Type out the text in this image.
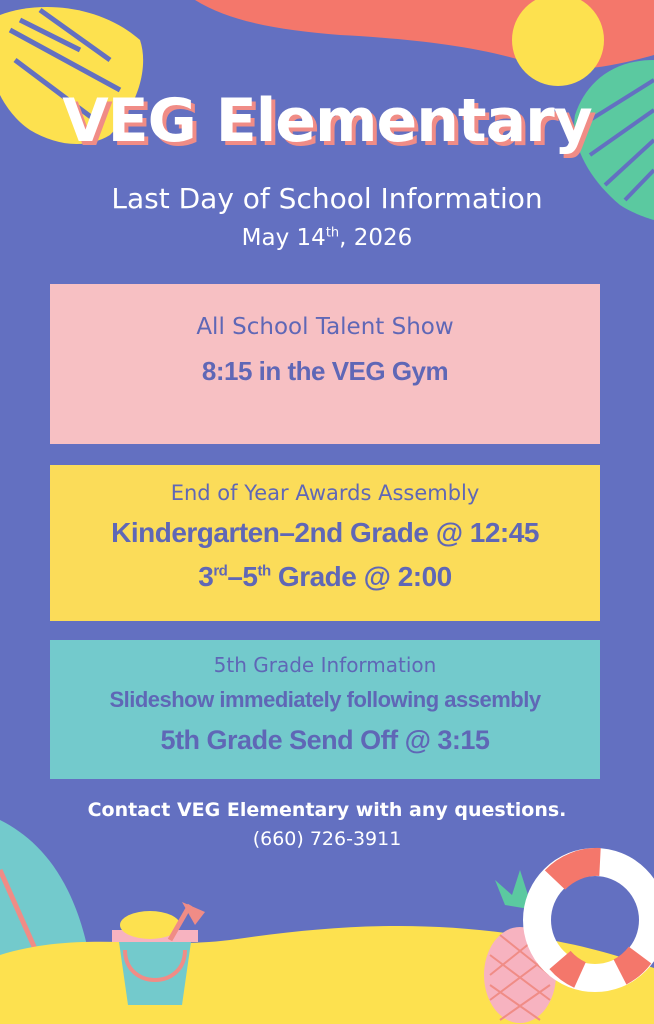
VEG Elementary
Last Day of School Information
May 14th, 2026
All School Talent Show
8:15 in the VEG Gym
End of Year Awards Assembly
Kindergarten–2nd Grade @ 12:45
3rd–5th Grade @ 2:00
5th Grade Information
Slideshow immediately following assembly
5th Grade Send Off @ 3:15
Contact VEG Elementary with any questions.
(660) 726-3911
